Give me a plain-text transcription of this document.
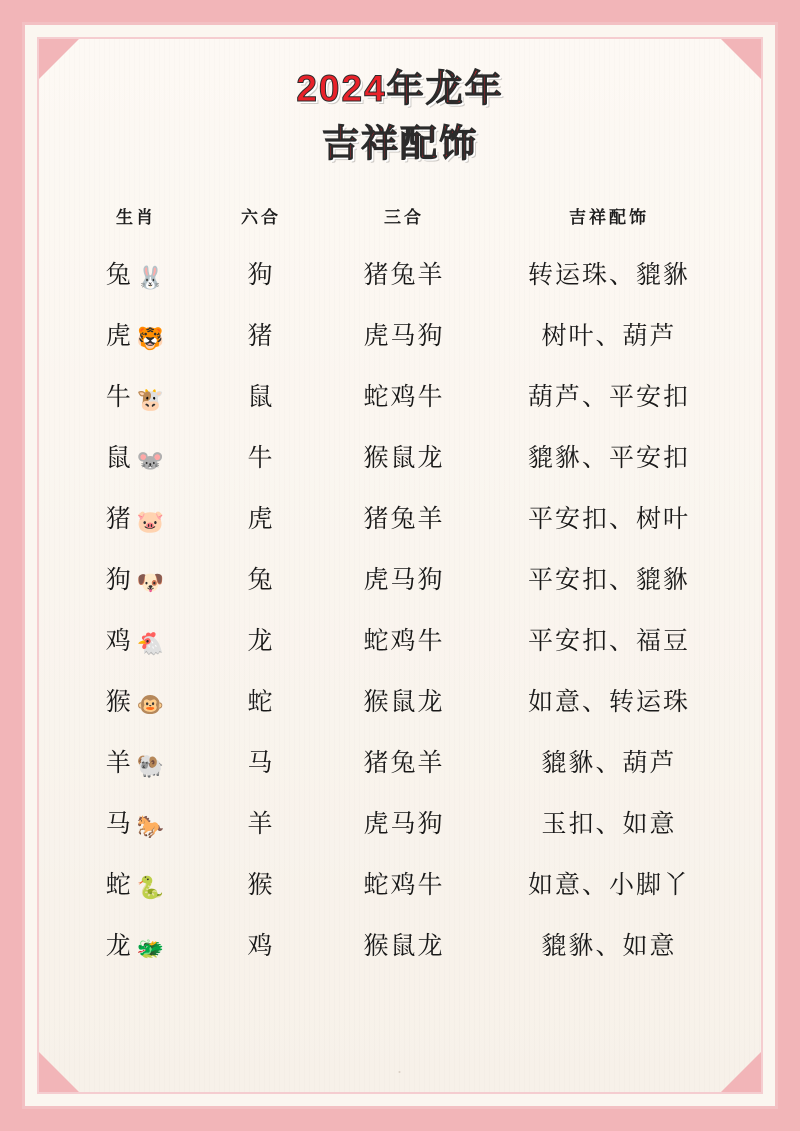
2024年龙年
吉祥配饰
生肖	六合	三合	吉祥配饰
兔 🐰	狗	猪兔羊	转运珠、貔貅
虎 🐯	猪	虎马狗	树叶、葫芦
牛 🐮	鼠	蛇鸡牛	葫芦、平安扣
鼠 🐭	牛	猴鼠龙	貔貅、平安扣
猪 🐷	虎	猪兔羊	平安扣、树叶
狗 🐶	兔	虎马狗	平安扣、貔貅
鸡 🐔	龙	蛇鸡牛	平安扣、福豆
猴 🐵	蛇	猴鼠龙	如意、转运珠
羊 🐏	马	猪兔羊	貔貅、葫芦
马 🐎	羊	虎马狗	玉扣、如意
蛇 🐍	猴	蛇鸡牛	如意、小脚丫
龙 🐲	鸡	猴鼠龙	貔貅、如意
・
